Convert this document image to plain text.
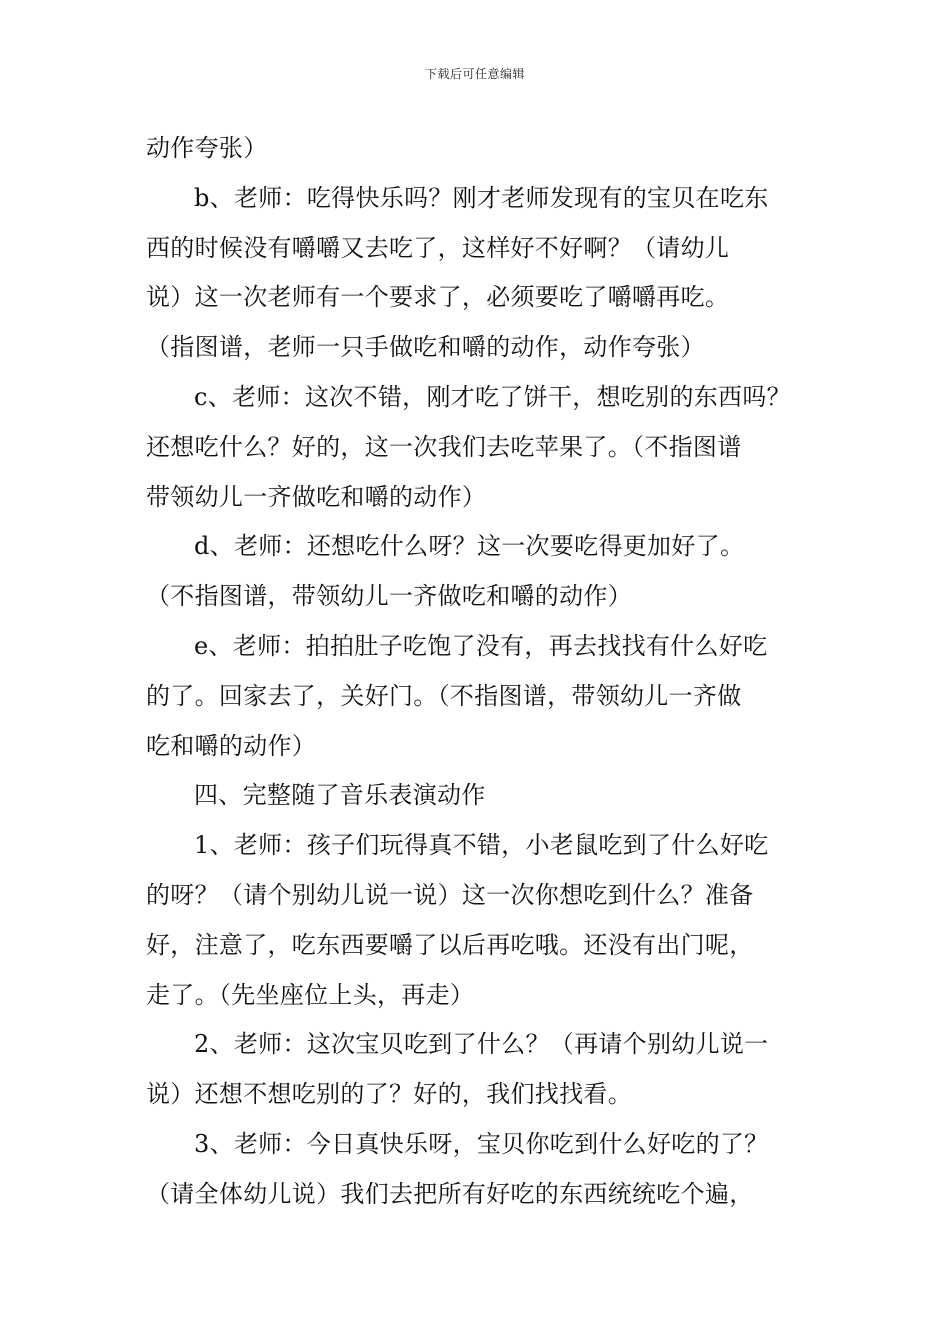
下载后可任意编辑
动作夸张）
b、老师：吃得快乐吗？刚才老师发现有的宝贝在吃东
西的时候没有嚼嚼又去吃了，这样好不好啊？（请幼儿
说）这一次老师有一个要求了，必须要吃了嚼嚼再吃。
（指图谱，老师一只手做吃和嚼的动作，动作夸张）
c、老师：这次不错，刚才吃了饼干，想吃别的东西吗？
还想吃什么？好的，这一次我们去吃苹果了。（不指图谱
带领幼儿一齐做吃和嚼的动作）
d、老师：还想吃什么呀？这一次要吃得更加好了。
（不指图谱，带领幼儿一齐做吃和嚼的动作）
e、老师：拍拍肚子吃饱了没有，再去找找有什么好吃
的了。回家去了，关好门。（不指图谱，带领幼儿一齐做
吃和嚼的动作）
四、完整随了音乐表演动作
1、老师：孩子们玩得真不错，小老鼠吃到了什么好吃
的呀？（请个别幼儿说一说）这一次你想吃到什么？准备
好，注意了，吃东西要嚼了以后再吃哦。还没有出门呢，
走了。（先坐座位上头，再走）
2、老师：这次宝贝吃到了什么？（再请个别幼儿说一
说）还想不想吃别的了？好的，我们找找看。
3、老师：今日真快乐呀，宝贝你吃到什么好吃的了？
（请全体幼儿说）我们去把所有好吃的东西统统吃个遍，
